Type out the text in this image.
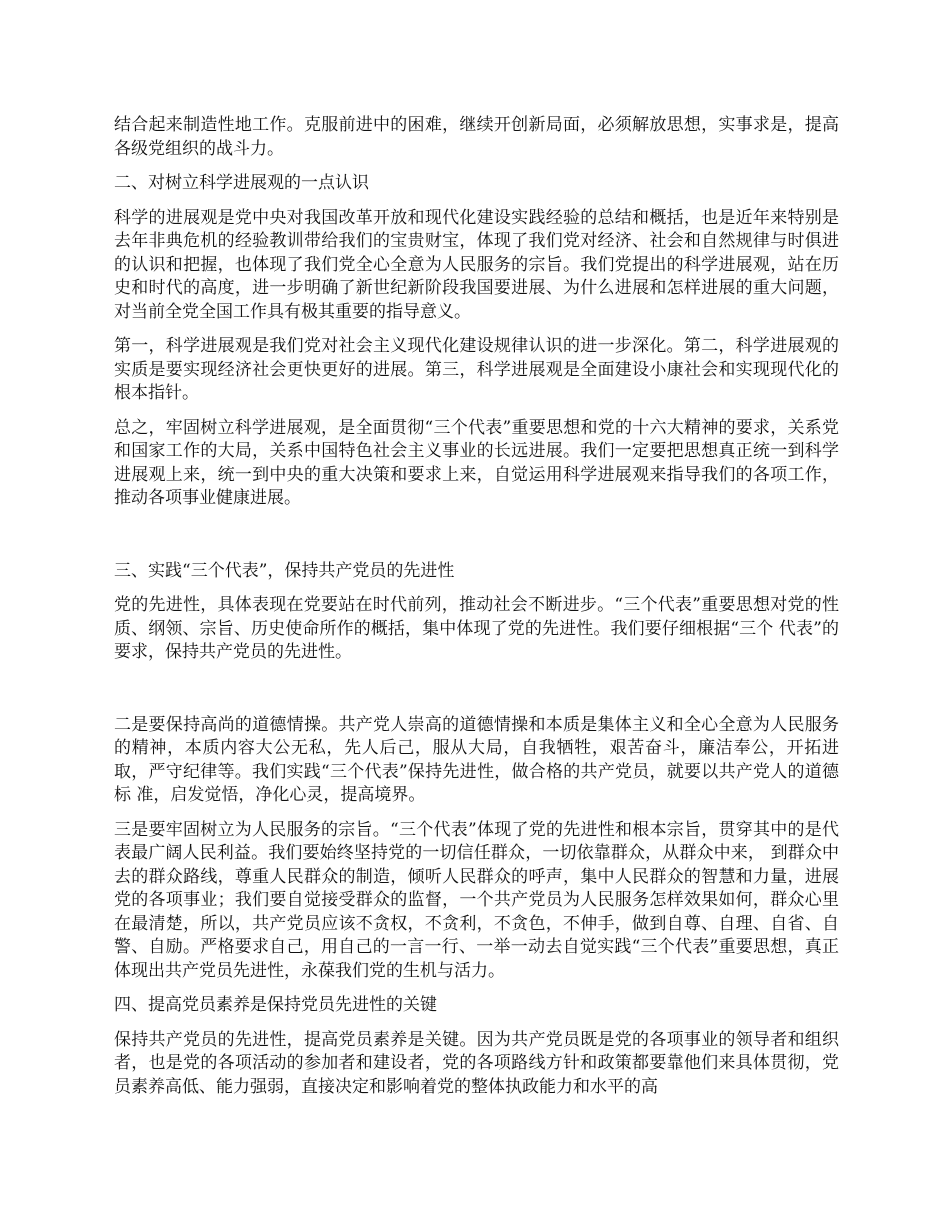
结合起来制造性地工作。克服前进中的困难，继续开创新局面，必须解放思想，实事求是，提高各级党组织的战斗力。

二、对树立科学进展观的一点认识

科学的进展观是党中央对我国改革开放和现代化建设实践经验的总结和概括，也是近年来特别是去年非典危机的经验教训带给我们的宝贵财宝，体现了我们党对经济、社会和自然规律与时俱进的认识和把握，也体现了我们党全心全意为人民服务的宗旨。我们党提出的科学进展观，站在历史和时代的高度，进一步明确了新世纪新阶段我国要进展、为什么进展和怎样进展的重大问题，对当前全党全国工作具有极其重要的指导意义。

第一，科学进展观是我们党对社会主义现代化建设规律认识的进一步深化。第二，科学进展观的实质是要实现经济社会更快更好的进展。第三，科学进展观是全面建设小康社会和实现现代化的根本指针。

总之，牢固树立科学进展观，是全面贯彻“三个代表”重要思想和党的十六大精神的要求，关系党和国家工作的大局，关系中国特色社会主义事业的长远进展。我们一定要把思想真正统一到科学进展观上来，统一到中央的重大决策和要求上来，自觉运用科学进展观来指导我们的各项工作，推动各项事业健康进展。

三、实践“三个代表”，保持共产党员的先进性

党的先进性，具体表现在党要站在时代前列，推动社会不断进步。“三个代表”重要思想对党的性质、纲领、宗旨、历史使命所作的概括，集中体现了党的先进性。我们要仔细根据“三个 代表”的要求，保持共产党员的先进性。

二是要保持高尚的道德情操。共产党人崇高的道德情操和本质是集体主义和全心全意为人民服务的精神，本质内容大公无私，先人后己，服从大局，自我牺牲，艰苦奋斗，廉洁奉公，开拓进取，严守纪律等。我们实践“三个代表”保持先进性，做合格的共产党员，就要以共产党人的道德标 准，启发觉悟，净化心灵，提高境界。

三是要牢固树立为人民服务的宗旨。“三个代表”体现了党的先进性和根本宗旨，贯穿其中的是代表最广阔人民利益。我们要始终坚持党的一切信任群众，一切依靠群众，从群众中来， 到群众中去的群众路线，尊重人民群众的制造，倾听人民群众的呼声，集中人民群众的智慧和力量，进展党的各项事业；我们要自觉接受群众的监督，一个共产党员为人民服务怎样效果如何，群众心里在最清楚，所以，共产党员应该不贪权，不贪利，不贪色，不伸手，做到自尊、自理、自省、自警、自励。严格要求自己，用自己的一言一行、一举一动去自觉实践“三个代表”重要思想，真正体现出共产党员先进性，永葆我们党的生机与活力。

四、提高党员素养是保持党员先进性的关键

保持共产党员的先进性，提高党员素养是关键。因为共产党员既是党的各项事业的领导者和组织者，也是党的各项活动的参加者和建设者，党的各项路线方针和政策都要靠他们来具体贯彻，党员素养高低、能力强弱，直接决定和影响着党的整体执政能力和水平的高
